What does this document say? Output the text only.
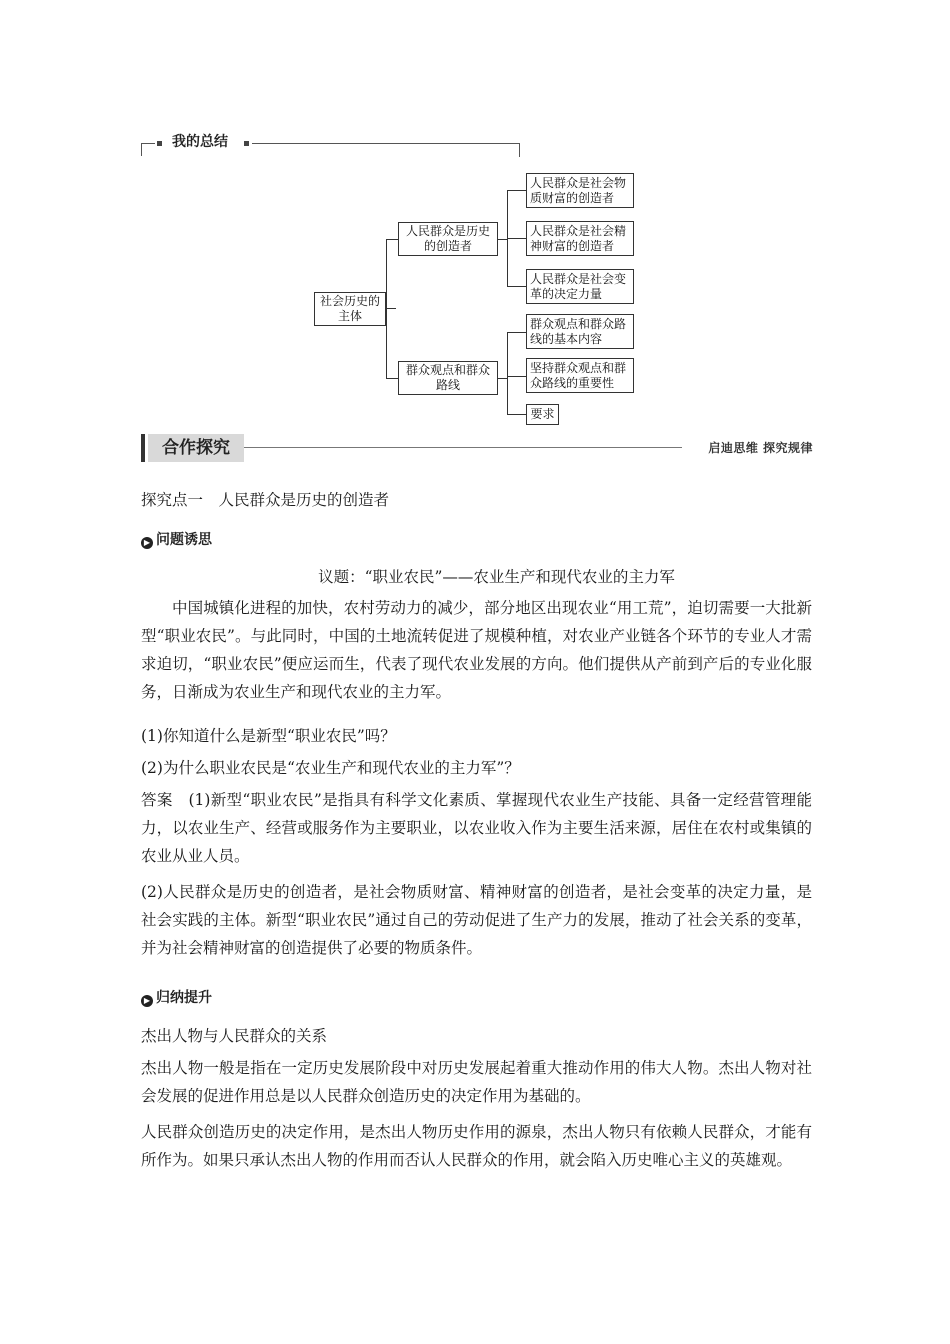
我的总结
社会历史的主体
人民群众是历史的创造者
群众观点和群众路线
人民群众是社会物质财富的创造者
人民群众是社会精神财富的创造者
人民群众是社会变革的决定力量
群众观点和群众路线的基本内容
坚持群众观点和群众路线的重要性
要求
合作探究	启迪思维 探究规律
探究点一　人民群众是历史的创造者
▶ 问题诱思
议题：“职业农民”——农业生产和现代农业的主力军
中国城镇化进程的加快，农村劳动力的减少，部分地区出现农业“用工荒”，迫切需要一大批新型“职业农民”。与此同时，中国的土地流转促进了规模种植，对农业产业链各个环节的专业人才需求迫切，“职业农民”便应运而生，代表了现代农业发展的方向。他们提供从产前到产后的专业化服务，日渐成为农业生产和现代农业的主力军。
(1)你知道什么是新型“职业农民”吗？
(2)为什么职业农民是“农业生产和现代农业的主力军”？
答案　(1)新型“职业农民”是指具有科学文化素质、掌握现代农业生产技能、具备一定经营管理能力，以农业生产、经营或服务作为主要职业，以农业收入作为主要生活来源，居住在农村或集镇的农业从业人员。
(2)人民群众是历史的创造者，是社会物质财富、精神财富的创造者，是社会变革的决定力量，是社会实践的主体。新型“职业农民”通过自己的劳动促进了生产力的发展，推动了社会关系的变革，并为社会精神财富的创造提供了必要的物质条件。
▶ 归纳提升
杰出人物与人民群众的关系
杰出人物一般是指在一定历史发展阶段中对历史发展起着重大推动作用的伟大人物。杰出人物对社会发展的促进作用总是以人民群众创造历史的决定作用为基础的。
人民群众创造历史的决定作用，是杰出人物历史作用的源泉，杰出人物只有依赖人民群众，才能有所作为。如果只承认杰出人物的作用而否认人民群众的作用，就会陷入历史唯心主义的英雄观。
